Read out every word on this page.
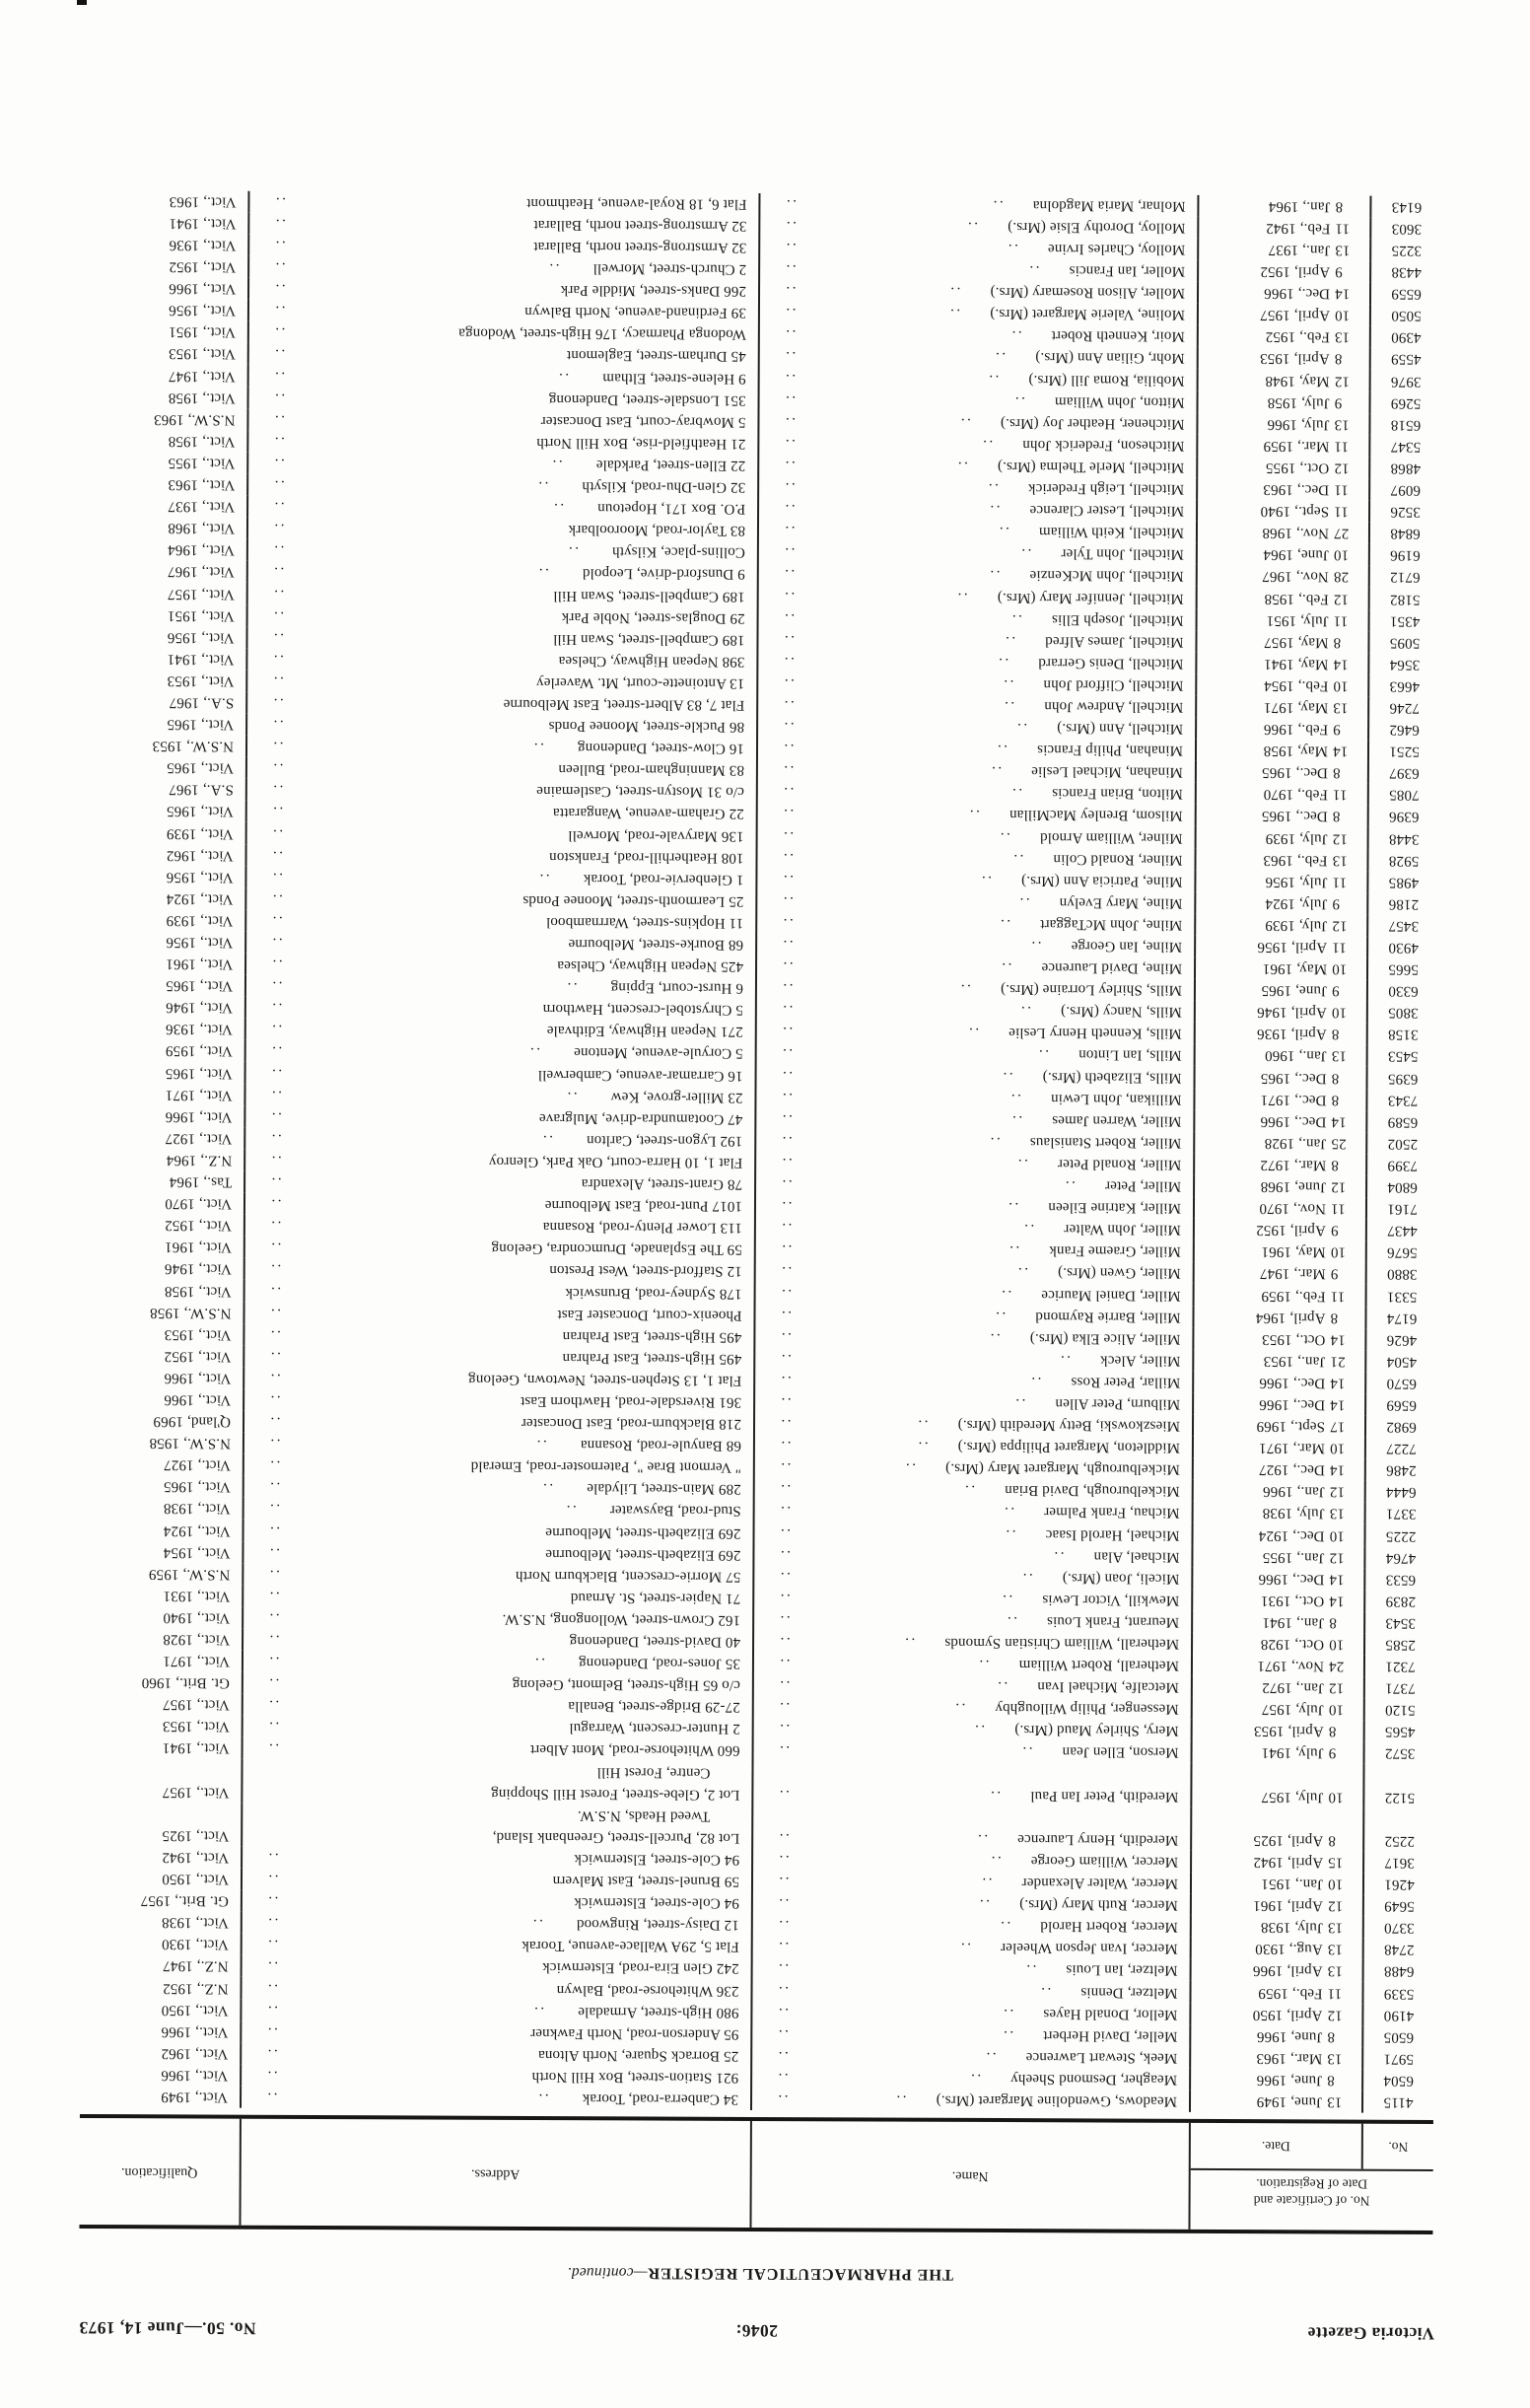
Victoria Gazette
2046:
No. 50.—June 14, 1973
THE PHARMACEUTICAL REGISTER—continued.
No. of Certificate and
Date of Registration.
No.
Date.
Name.
Address.
Qualification.
4115
13June, 1949
Meadows, Gwendoline Margaret (Mrs.)
..
..
34 Canberra-road, Toorak
..
..
Vict., 1949
6504
8June, 1966
Meagher, Desmond Sheehy
..
..
921 Station-street, Box Hill North
..
Vict., 1966
5971
13Mar., 1963
Meek, Stewart Lawrence
..
..
25 Borrack Square, North Altona
..
Vict., 1962
6505
8June, 1966
Meller, David Herbert
..
..
95 Anderson-road, North Fawkner
..
Vict., 1966
4190
12April, 1950
Mellor, Donald Hayes
..
..
980 High-street, Armadale
..
..
Vict., 1950
5339
11Feb., 1959
Meltzer, Dennis
..
..
236 Whitehorse-road, Balwyn
..
N.Z., 1952
6488
13April, 1966
Meltzer, Ian Louis
..
..
242 Glen Eira-road, Elsternwick
..
N.Z., 1947
2748
13Aug., 1930
Mercer, Ivan Jepson Wheeler
..
..
Flat 5, 29A Wallace-avenue, Toorak
..
Vict., 1930
3370
13July, 1938
Mercer, Robert Harold
..
..
12 Daisy-street, Ringwood
..
..
Vict., 1938
5649
12April, 1961
Mercer, Ruth Mary (Mrs.)
..
..
94 Cole-street, Elsternwick
..
Gt. Brit., 1957
4261
10Jan., 1951
Mercer, Walter Alexander
..
..
59 Brunel-street, East Malvern
..
Vict., 1950
3617
15April, 1942
Mercer, William George
..
..
94 Cole-street, Elsternwick
..
Vict., 1942
2252
8April, 1925
Meredith, Henry Laurence
..
..
Lot 82, Purcell-street, Greenbank Island,
Tweed Heads, N.S.W.
Vict., 1925
5122
10July, 1957
Meredith, Peter Ian Paul
..
..
Lot 2, Glebe-street, Forest Hill Shopping
Centre, Forest Hill
Vict., 1957
3572
9July, 1941
Merson, Ellen Jean
..
..
660 Whitehorse-road, Mont Albert
..
Vict., 1941
4565
8April, 1953
Mery, Shirley Maud (Mrs.)
..
..
2 Hunter-crescent, Warragul
..
Vict., 1953
5120
10July, 1957
Messenger, Philip Willoughby
..
..
27-29 Bridge-street, Benalla
..
Vict., 1957
7371
12Jan., 1972
Metcalfe, Michael Ivan
..
..
c/o 65 High-street, Belmont, Geelong
..
Gt. Brit., 1960
7321
24Nov., 1971
Metherall, Robert William
..
..
35 Jones-road, Dandenong
..
..
Vict., 1971
2585
10Oct., 1928
Metherall, William Christian Symonds
..
..
40 David-street, Dandenong
..
Vict., 1928
3543
8Jan., 1941
Meurant, Frank Louis
..
..
162 Crown-street, Wollongong, N.S.W.
..
Vict., 1940
2839
14Oct., 1931
Mewkill, Victor Lewis
..
..
71 Napier-street, St. Arnaud
..
Vict., 1931
6533
14Dec., 1966
Miceli, Joan (Mrs.)
..
..
57 Morrie-crescent, Blackburn North
..
N.S.W., 1959
4764
12Jan., 1955
Michael, Alan
..
..
269 Elizabeth-street, Melbourne
..
Vict., 1954
2225
10Dec., 1924
Michael, Harold Isaac
..
..
269 Elizabeth-street, Melbourne
..
Vict., 1924
3371
13July, 1938
Michau, Frank Palmer
..
..
Stud-road, Bayswater
..
..
Vict., 1938
6444
12Jan., 1966
Mickelburough, David Brian
..
..
289 Main-street, Lilydale
..
..
Vict., 1965
2486
14Dec., 1927
Mickelburough, Margaret Mary (Mrs.)
..
..
" Vermont Brae ", Paternoster-road, Emerald
..
Vict., 1927
7227
10Mar., 1971
Middleton, Margaret Philippa (Mrs.)
..
..
68 Banyule-road, Rosanna
..
..
N.S.W., 1958
6982
17Sept., 1969
Mieszkowski, Betty Meredith (Mrs.)
..
..
218 Blackburn-road, East Doncaster
..
Q'land, 1969
6569
14Dec., 1966
Milburn, Peter Allen
..
..
361 Riversdale-road, Hawthorn East
..
Vict., 1966
6570
14Dec., 1966
Millar, Peter Ross
..
..
Flat 1, 13 Stephen-street, Newtown, Geelong
..
Vict., 1966
4504
21Jan., 1953
Miller, Aleck
..
..
495 High-street, East Prahran
..
Vict., 1952
4626
14Oct., 1953
Miller, Alice Elka (Mrs.)
..
..
495 High-street, East Prahran
..
Vict., 1953
6174
8April, 1964
Miller, Barrie Raymond
..
..
Phoenix-court, Doncaster East
..
N.S.W., 1958
5331
11Feb., 1959
Miller, Daniel Maurice
..
..
178 Sydney-road, Brunswick
..
Vict., 1958
3880
9Mar., 1947
Miller, Gwen (Mrs.)
..
..
12 Stafford-street, West Preston
..
Vict., 1946
5676
10May, 1961
Miller, Graeme Frank
..
..
59 The Esplanade, Drumcondra, Geelong
..
Vict., 1961
4437
9April, 1952
Miller, John Walter
..
..
113 Lower Plenty-road, Rosanna
..
Vict., 1952
7161
11Nov., 1970
Miller, Katrine Eileen
..
..
1017 Punt-road, East Melbourne
..
Vict., 1970
6804
12June, 1968
Miller, Peter
..
..
78 Grant-street, Alexandra
..
Tas., 1964
7399
8Mar., 1972
Miller, Ronald Peter
..
..
Flat 1, 10 Harra-court, Oak Park, Glenroy
..
N.Z., 1964
2502
25Jan., 1928
Miller, Robert Stanislaus
..
..
192 Lygon-street, Carlton
..
..
Vict., 1927
6589
14Dec., 1966
Miller, Warren James
..
..
47 Cootamundra-drive, Mulgrave
..
Vict., 1966
7343
8Dec., 1971
Millikan, John Lewin
..
..
23 Miller-grove, Kew
..
..
Vict., 1971
6395
8Dec., 1965
Mills, Elizabeth (Mrs.)
..
..
16 Carramar-avenue, Camberwell
..
Vict., 1965
5453
13Jan., 1960
Mills, Ian Linton
..
..
5 Coryule-avenue, Mentone
..
..
Vict., 1959
3158
8April, 1936
Mills, Kenneth Henry Leslie
..
..
271 Nepean Highway, Edithvale
..
Vict., 1936
3805
10April, 1946
Mills, Nancy (Mrs.)
..
..
5 Chrystobel-crescent, Hawthorn
..
Vict., 1946
6330
9June, 1965
Mills, Shirley Lorraine (Mrs.)
..
..
6 Hurst-court, Epping
..
..
Vict., 1965
5665
10May, 1961
Milne, David Laurence
..
..
425 Nepean Highway, Chelsea
..
Vict., 1961
4930
11April, 1956
Milne, Ian George
..
..
68 Bourke-street, Melbourne
..
Vict., 1956
3457
12July, 1939
Milne, John McTaggart
..
..
11 Hopkins-street, Warrnambool
..
Vict., 1939
2186
9July, 1924
Milne, Mary Evelyn
..
..
25 Learmonth-street, Moonee Ponds
..
Vict., 1924
4985
11July, 1956
Milne, Patricia Ann (Mrs.)
..
..
1 Glenbervie-road, Toorak
..
..
Vict., 1956
5928
13Feb., 1963
Milner, Ronald Colin
..
..
108 Heatherhill-road, Frankston
..
Vict., 1962
3448
12July, 1939
Milner, William Arnold
..
..
136 Maryvale-road, Morwell
..
Vict., 1939
6396
8Dec., 1965
Milsom, Brenley MacMillan
..
..
22 Graham-avenue, Wangaratta
..
Vict., 1965
7085
11Feb., 1970
Milton, Brian Francis
..
..
c/o 31 Mostyn-street, Castlemaine
..
S.A., 1967
6397
8Dec., 1965
Minahan, Michael Leslie
..
..
83 Manningham-road, Bulleen
..
Vict., 1965
5251
14May, 1958
Minahan, Philip Francis
..
..
16 Clow-street, Dandenong
..
..
N.S.W., 1953
6462
9Feb., 1966
Mitchell, Ann (Mrs.)
..
..
86 Puckle-street, Moonee Ponds
..
Vict., 1965
7246
13May, 1971
Mitchell, Andrew John
..
..
Flat 7, 83 Albert-street, East Melbourne
..
S.A., 1967
4663
10Feb., 1954
Mitchell, Clifford John
..
..
13 Antoinette-court, Mt. Waverley
..
Vict., 1953
3564
14May, 1941
Mitchell, Denis Gerrard
..
..
398 Nepean Highway, Chelsea
..
Vict., 1941
5095
8May, 1957
Mitchell, James Alfred
..
..
189 Campbell-street, Swan Hill
..
Vict., 1956
4351
11July, 1951
Mitchell, Joseph Ellis
..
..
29 Douglas-street, Noble Park
..
Vict., 1951
5182
12Feb., 1958
Mitchell, Jennifer Mary (Mrs.)
..
..
189 Campbell-street, Swan Hill
..
Vict., 1957
6712
28Nov., 1967
Mitchell, John McKenzie
..
..
9 Dunsford-drive, Leopold
..
..
Vict., 1967
6196
10June, 1964
Mitchell, John Tyler
..
..
Collins-place, Kilsyth
..
..
Vict., 1964
6848
27Nov., 1968
Mitchell, Keith William
..
..
83 Taylor-road, Mooroolbark
..
Vict., 1968
3526
11Sept., 1940
Mitchell, Lester Clarence
..
..
P.O. Box 171, Hopetoun
..
..
Vict., 1937
6097
11Dec., 1963
Mitchell, Leigh Frederick
..
..
32 Glen-Dhu-road, Kilsyth
..
..
Vict., 1963
4868
12Oct., 1955
Mitchell, Merle Thelma (Mrs.)
..
..
22 Ellen-street, Parkdale
..
..
Vict., 1955
5347
11Mar., 1959
Mitcheson, Frederick John
..
..
21 Heathfield-rise, Box Hill North
..
Vict., 1958
6518
13July, 1966
Mitchener, Heather Joy (Mrs.)
..
..
5 Mowbray-court, East Doncaster
..
N.S.W., 1963
5269
9July, 1958
Mitton, John William
..
..
351 Lonsdale-street, Dandenong
..
Vict., 1958
3976
12May, 1948
Mobilia, Roma Jill (Mrs.)
..
..
9 Helene-street, Eltham
..
..
Vict., 1947
4559
8April, 1953
Mohr, Gilian Ann (Mrs.)
..
..
45 Durham-street, Eaglemont
..
Vict., 1953
4390
13Feb., 1952
Moir, Kenneth Robert
..
..
Wodonga Pharmacy, 176 High-street, Wodonga
..
Vict., 1951
5050
10April, 1957
Moline, Valerie Margaret (Mrs.)
..
..
39 Ferdinand-avenue, North Balwyn
..
Vict., 1956
6559
14Dec., 1966
Moller, Alison Rosemary (Mrs.)
..
..
266 Danks-street, Middle Park
..
Vict., 1966
4438
9April, 1952
Moller, Ian Francis
..
..
2 Church-street, Morwell
..
..
Vict., 1952
3225
13Jan., 1937
Molloy, Charles Irvine
..
..
32 Armstrong-street north, Ballarat
..
Vict., 1936
3603
11Feb., 1942
Molloy, Dorothy Elsie (Mrs.)
..
..
32 Armstrong-street north, Ballarat
..
Vict., 1941
6143
8Jan., 1964
Molnar, Maria Magdolna
..
..
Flat 6, 18 Royal-avenue, Heathmont
..
Vict., 1963
